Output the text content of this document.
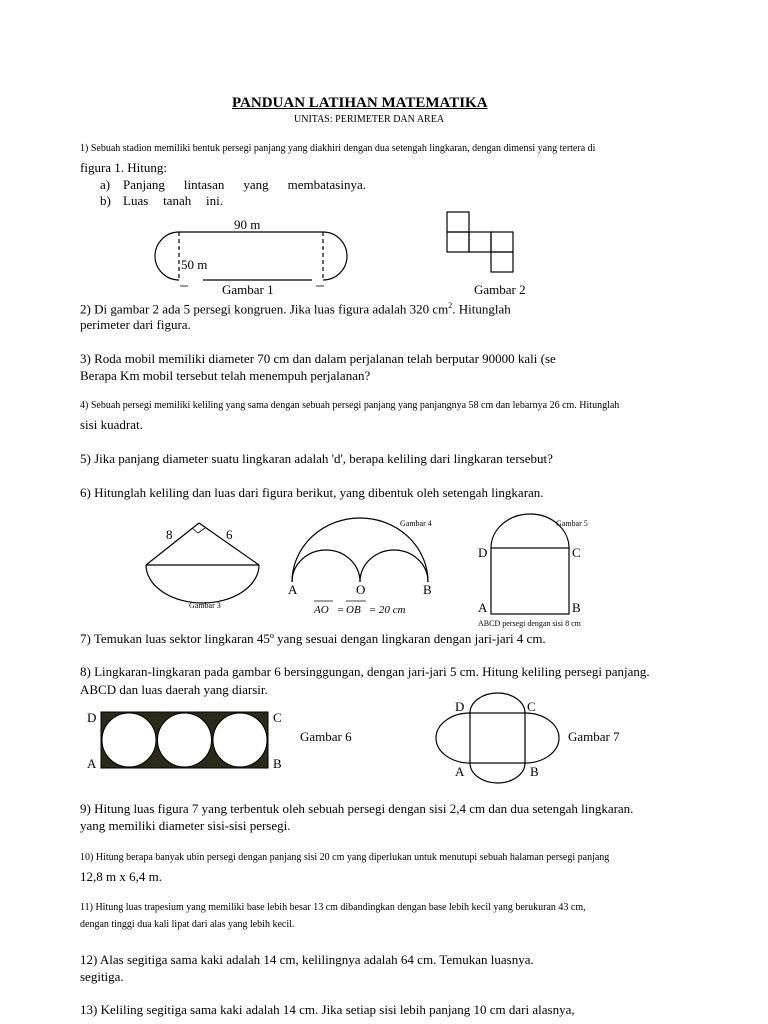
PANDUAN LATIHAN MATEMATIKA
UNITAS: PERIMETER DAN AREA
1) Sebuah stadion memiliki bentuk persegi panjang yang diakhiri dengan dua setengah lingkaran, dengan dimensi yang tertera di
figura 1. Hitung:
a) Panjang lintasan yang membatasinya.
b) Luas tanah ini.
90 m
50 m
Gambar 1	Gambar 2
2) Di gambar 2 ada 5 persegi kongruen. Jika luas figura adalah 320 $cm^2$. Hitunglah
perimeter dari figura.
3) Roda mobil memiliki diameter 70 cm dan dalam perjalanan telah berputar 90000 kali (se
Berapa Km mobil tersebut telah menempuh perjalanan?
4) Sebuah persegi memiliki keliling yang sama dengan sebuah persegi panjang yang panjangnya 58 cm dan lebarnya 26 cm. Hitunglah
sisi kuadrat.
5) Jika panjang diameter suatu lingkaran adalah 'd', berapa keliling dari lingkaran tersebut?
6) Hitunglah keliling dan luas dari figura berikut, yang dibentuk oleh setengah lingkaran.
8	6
Gambar 3
Gambar 4
A	O	B
AO = OB = 20 cm
Gambar 5
D	C
A	B
ABCD persegi dengan sisi 8 cm
7) Temukan luas sektor lingkaran 45º yang sesuai dengan lingkaran dengan jari-jari 4 cm.
8) Lingkaran-lingkaran pada gambar 6 bersinggungan, dengan jari-jari 5 cm. Hitung keliling persegi panjang.
ABCD dan luas daerah yang diarsir.
D	C
A	B
Gambar 6
D	C
A	B
Gambar 7
9) Hitung luas figura 7 yang terbentuk oleh sebuah persegi dengan sisi 2,4 cm dan dua setengah lingkaran.
yang memiliki diameter sisi-sisi persegi.
10) Hitung berapa banyak ubin persegi dengan panjang sisi 20 cm yang diperlukan untuk menutupi sebuah halaman persegi panjang
12,8 m x 6,4 m.
11) Hitung luas trapesium yang memiliki base lebih besar 13 cm dibandingkan dengan base lebih kecil yang berukuran 43 cm,
dengan tinggi dua kali lipat dari alas yang lebih kecil.
12) Alas segitiga sama kaki adalah 14 cm, kelilingnya adalah 64 cm. Temukan luasnya.
segitiga.
13) Keliling segitiga sama kaki adalah 14 cm. Jika setiap sisi lebih panjang 10 cm dari alasnya,
